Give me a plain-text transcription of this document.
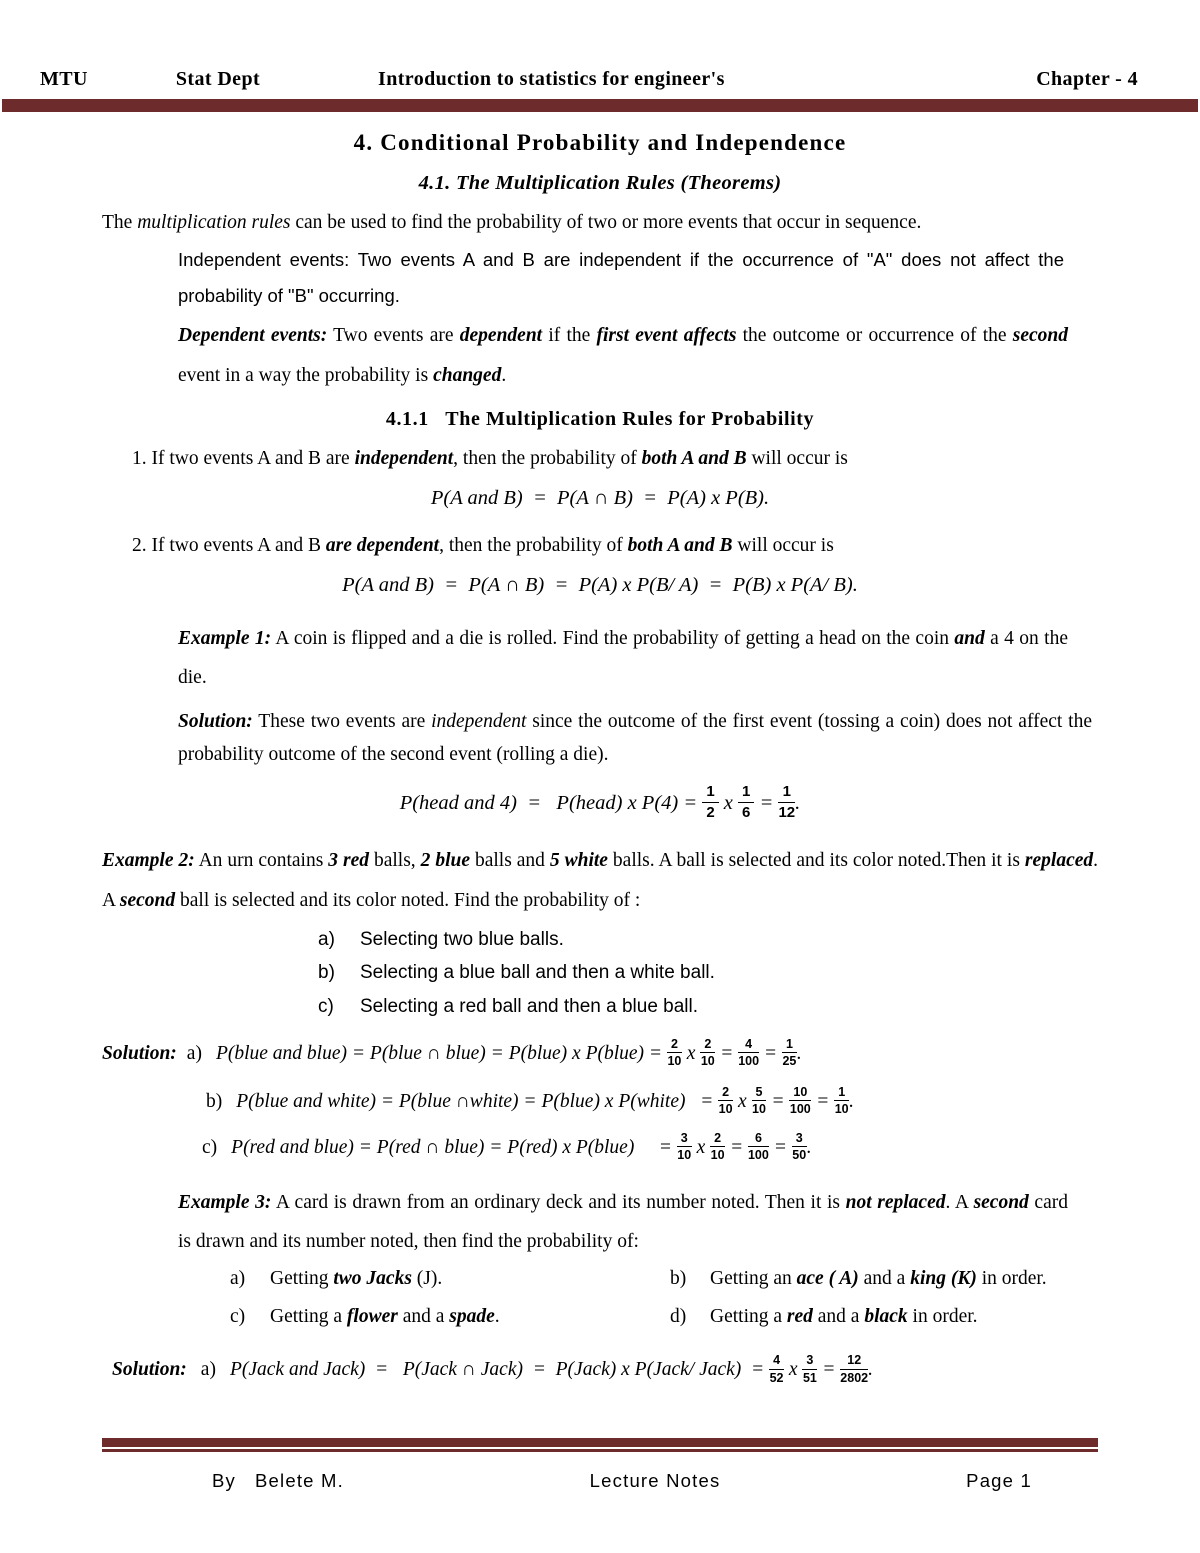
MTU	Stat Dept	Introduction to statistics for engineer's	Chapter - 4
4. Conditional Probability and Independence
4.1. The Multiplication Rules (Theorems)

The multiplication rules can be used to find the probability of two or more events that occur in sequence.

Independent events: Two events A and B are independent if the occurrence of "A" does not affect the probability of "B" occurring.

Dependent events: Two events are dependent if the first event affects the outcome or occurrence of the second event in a way the probability is changed.

4.1.1   The Multiplication Rules for Probability

1. If two events A and B are independent, then the probability of both A and B will occur is

P(A and B)  =  P(A ∩ B)  =  P(A) x P(B).

2. If two events A and B are dependent, then the probability of both A and B will occur is

P(A and B)  =  P(A ∩ B)  =  P(A) x P(B/ A)  =  P(B) x P(A/ B).

Example 1: A coin is flipped and a die is rolled. Find the probability of getting a head on the coin and a 4 on the die.

Solution: These two events are independent since the outcome of the first event (tossing a coin) does not affect the probability outcome of the second event (rolling a die).

P(head and 4)  =   P(head) x $P(4) = \frac{1}{2}$ x $\frac{1}{6} = \frac{1}{12}$ .

Example 2: An urn contains 3 red balls, 2 blue balls and 5 white balls. A ball is selected and its color noted.Then it is replaced. A second ball is selected and its color noted. Find the probability of :

a) Selecting two blue balls.
b) Selecting a blue ball and then a white ball.
c) Selecting a red ball and then a blue ball.
Solution: a) P(blue and blue) = P(blue ∩ blue) = P(blue) x P(blue) = $\frac{2}{10}$ x $\frac{2}{10} = \frac{4}{100} = \frac{1}{25}$ .
b) P(blue and white) = P(blue ∩white) = P(blue) x P(white)   = $\frac{2}{10}$ x $\frac{5}{10} = \frac{10}{100} = \frac{1}{10}$ .
c) P(red and blue) = P(red ∩ blue) = P(red) x P(blue)     = $\frac{3}{10}$ x $\frac{2}{10} = \frac{6}{100} = \frac{3}{50}$ .

Example 3: A card is drawn from an ordinary deck and its number noted. Then it is not replaced. A second card is drawn and its number noted, then find the probability of:

a) Getting two Jacks (J).	b) Getting an ace ( A) and a king (K) in order.
c) Getting a flower and a spade.	d) Getting a red and a black in order.
Solution: a) P(Jack and Jack)  =   P(Jack ∩ Jack)  =  P(Jack) x P(Jack/ Jack)  = $\frac{4}{52}$ x $\frac{3}{51} = \frac{12}{2802}$ .
By   Belete M.	Lecture Notes	Page 1
